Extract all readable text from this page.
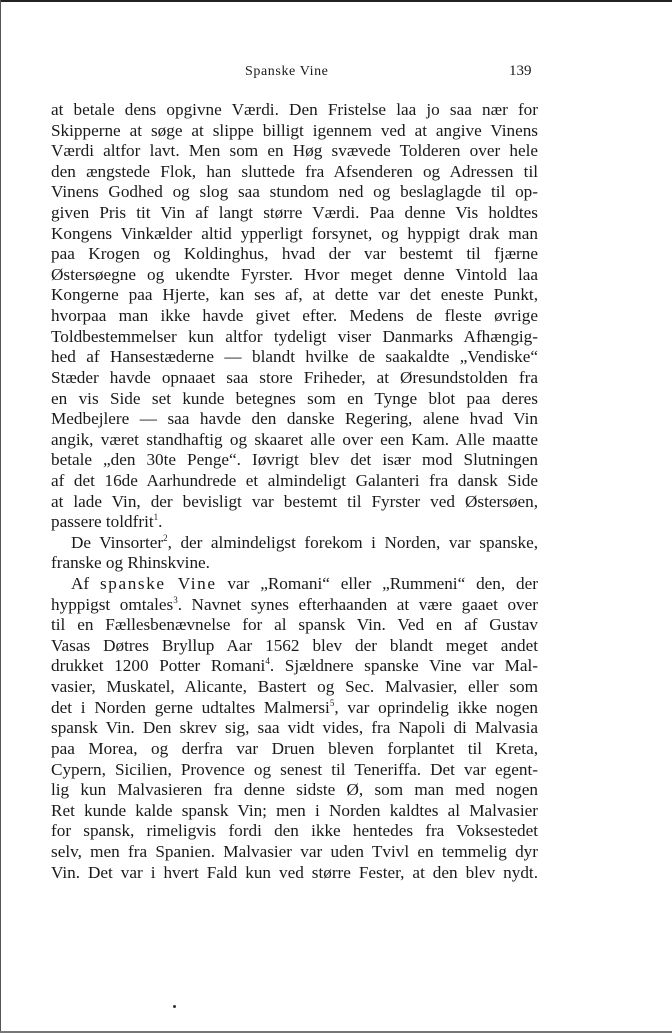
Spanske Vine	139
at betale dens opgivne Værdi. Den Fristelse laa jo saa nær for
Skipperne at søge at slippe billigt igennem ved at angive Vinens
Værdi altfor lavt. Men som en Høg svævede Tolderen over hele
den ængstede Flok, han sluttede fra Afsenderen og Adressen til
Vinens Godhed og slog saa stundom ned og beslaglagde til op-
given Pris tit Vin af langt større Værdi. Paa denne Vis holdtes
Kongens Vinkælder altid ypperligt forsynet, og hyppigt drak man
paa Krogen og Koldinghus, hvad der var bestemt til fjærne
Østersøegne og ukendte Fyrster. Hvor meget denne Vintold laa
Kongerne paa Hjerte, kan ses af, at dette var det eneste Punkt,
hvorpaa man ikke havde givet efter. Medens de fleste øvrige
Toldbestemmelser kun altfor tydeligt viser Danmarks Afhængig-
hed af Hansestæderne — blandt hvilke de saakaldte „Vendiske“
Stæder havde opnaaet saa store Friheder, at Øresundstolden fra
en vis Side set kunde betegnes som en Tynge blot paa deres
Medbejlere — saa havde den danske Regering, alene hvad Vin
angik, været standhaftig og skaaret alle over een Kam. Alle maatte
betale „den 30te Penge“. Iøvrigt blev det især mod Slutningen
af det 16de Aarhundrede et almindeligt Galanteri fra dansk Side
at lade Vin, der bevisligt var bestemt til Fyrster ved Østersøen,
passere toldfrit$^1$.
De Vinsorter$^2$, der almindeligst forekom i Norden, var spanske,
franske og Rhinskvine.
Af spanske Vine var „Romani“ eller „Rummeni“ den, der
hyppigst omtales$^3$. Navnet synes efterhaanden at være gaaet over
til en Fællesbenævnelse for al spansk Vin. Ved en af Gustav
Vasas Døtres Bryllup Aar 1562 blev der blandt meget andet
drukket 1200 Potter Romani$^4$. Sjældnere spanske Vine var Mal-
vasier, Muskatel, Alicante, Bastert og Sec. Malvasier, eller som
det i Norden gerne udtaltes Malmersi$^5$, var oprindelig ikke nogen
spansk Vin. Den skrev sig, saa vidt vides, fra Napoli di Malvasia
paa Morea, og derfra var Druen bleven forplantet til Kreta,
Cypern, Sicilien, Provence og senest til Teneriffa. Det var egent-
lig kun Malvasieren fra denne sidste Ø, som man med nogen
Ret kunde kalde spansk Vin; men i Norden kaldtes al Malvasier
for spansk, rimeligvis fordi den ikke hentedes fra Voksestedet
selv, men fra Spanien. Malvasier var uden Tvivl en temmelig dyr
Vin. Det var i hvert Fald kun ved større Fester, at den blev nydt.
